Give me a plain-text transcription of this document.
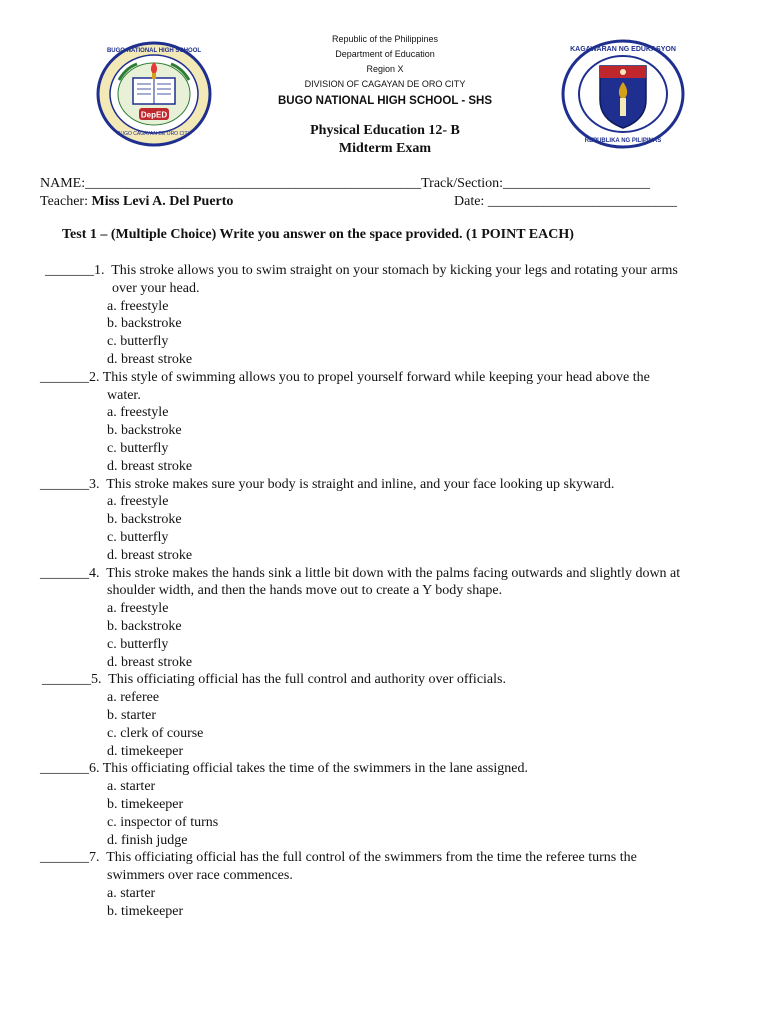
DepED
BUGO CAGAYAN DE ORO CITY
BUGO NATIONAL HIGH SCHOOL
Republic of the Philippines
Department of Education
Region X
DIVISION OF CAGAYAN DE ORO CITY
BUGO NATIONAL HIGH SCHOOL - SHS
KAGAWARAN NG EDUKASYON
REPUBLIKA NG PILIPINAS
Physical Education 12- B
Midterm Exam
NAME:________________________________________________Track/Section:_____________________
Teacher: Miss Levi A. Del Puerto	Date: ___________________________
Test 1 – (Multiple Choice) Write you answer on the space provided. (1 POINT EACH)
_______1.  This stroke allows you to swim straight on your stomach by kicking your legs and rotating your arms
over your head.
a. freestyle
b. backstroke
c. butterfly
d. breast stroke
_______2. This style of swimming allows you to propel yourself forward while keeping your head above the
water.
a. freestyle
b. backstroke
c. butterfly
d. breast stroke
_______3.  This stroke makes sure your body is straight and inline, and your face looking up skyward.
a. freestyle
b. backstroke
c. butterfly
d. breast stroke
_______4.  This stroke makes the hands sink a little bit down with the palms facing outwards and slightly down at
shoulder width, and then the hands move out to create a Y body shape.
a. freestyle
b. backstroke
c. butterfly
d. breast stroke
_______5.  This officiating official has the full control and authority over officials.
a. referee
b. starter
c. clerk of course
d. timekeeper
_______6. This officiating official takes the time of the swimmers in the lane assigned.
a. starter
b. timekeeper
c. inspector of turns
d. finish judge
_______7.  This officiating official has the full control of the swimmers from the time the referee turns the
swimmers over race commences.
a. starter
b. timekeeper
